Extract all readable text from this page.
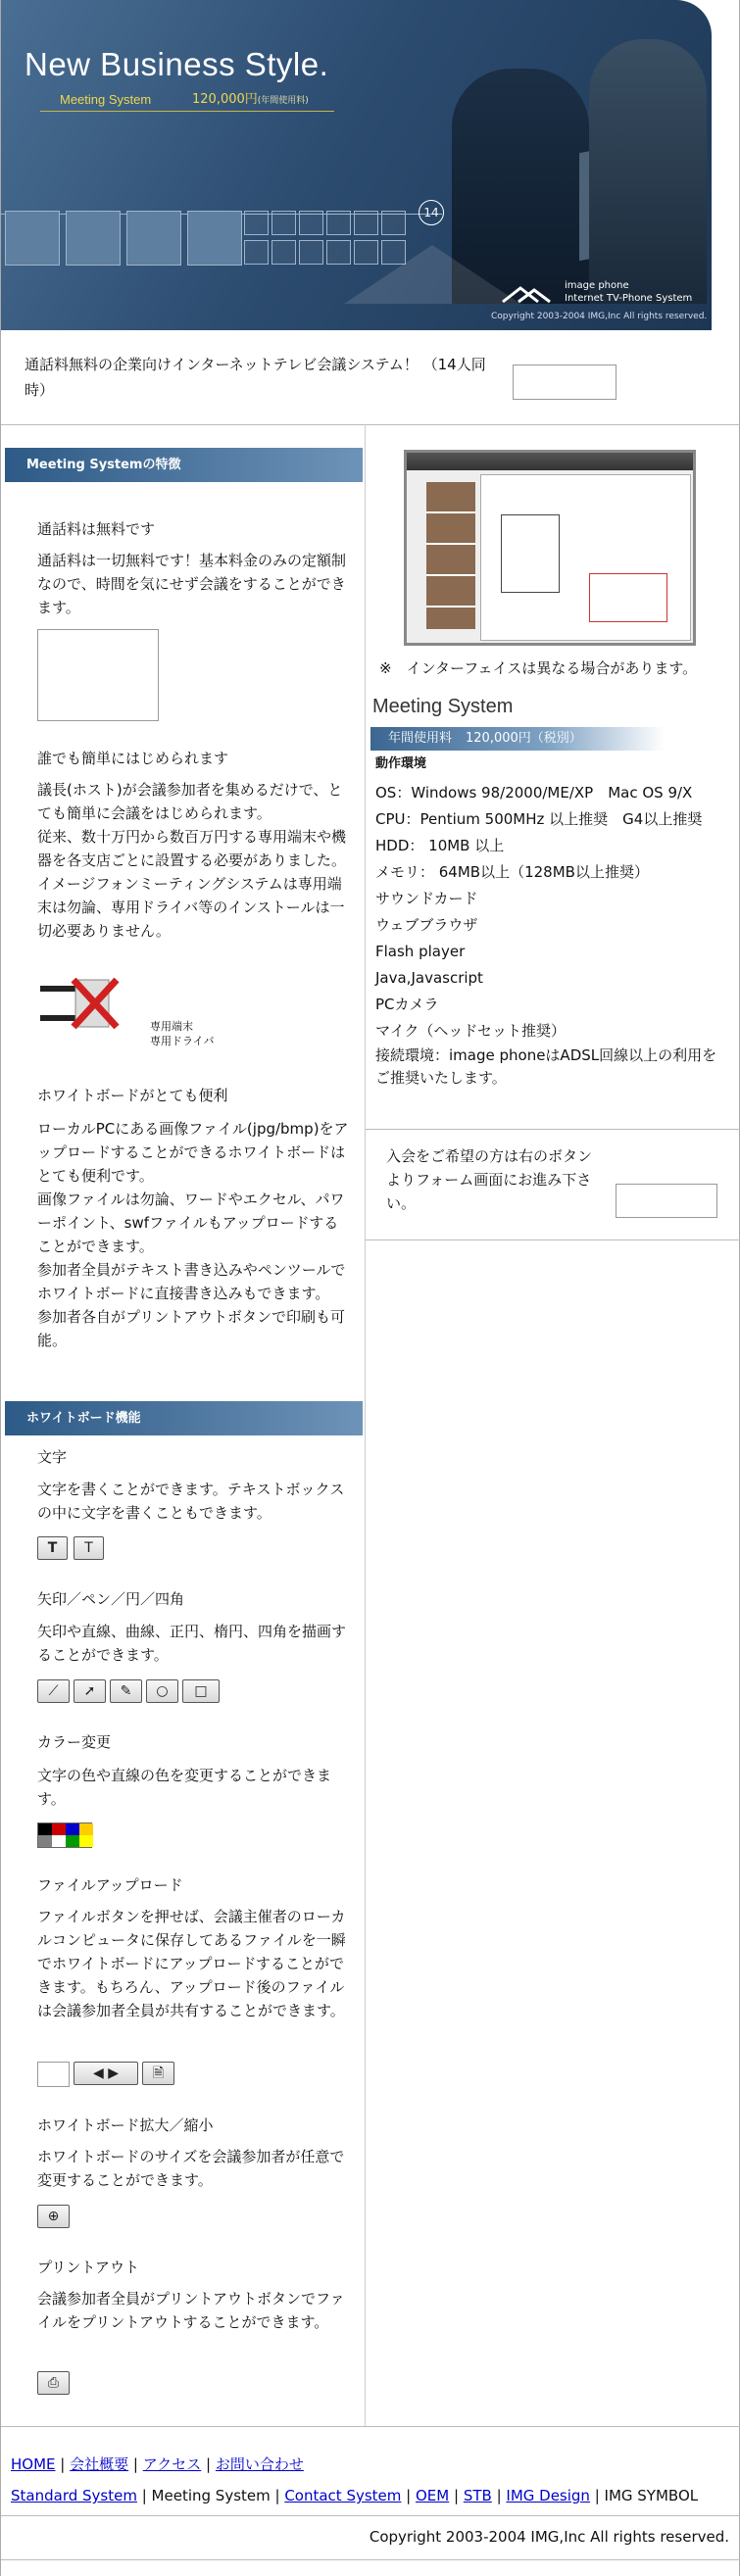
New Business Style.
Meeting System	120,000円(年間使用料)
14
image phone
Internet TV-Phone System
Copyright 2003-2004 IMG,Inc All rights reserved.
通話料無料の企業向けインターネットテレビ会議システム！ （14人同時）
Meeting Systemの特徴
通話料は無料です
通話料は一切無料です！基本料金のみの定額制なので、時間を気にせず会議をすることができます。
誰でも簡単にはじめられます
議長(ホスト)が会議参加者を集めるだけで、とても簡単に会議をはじめられます。
従来、数十万円から数百万円する専用端末や機器を各支店ごとに設置する必要がありました。
イメージフォンミーティングシステムは専用端末は勿論、専用ドライバ等のインストールは一切必要ありません。
専用端末
専用ドライバ
ホワイトボードがとても便利
ローカルPCにある画像ファイル(jpg/bmp)をアップロードすることができるホワイトボードはとても便利です。
画像ファイルは勿論、ワードやエクセル、パワーポイント、swfファイルもアップロードすることができます。
参加者全員がテキスト書き込みやペンツールでホワイトボードに直接書き込みもできます。
参加者各自がプリントアウトボタンで印刷も可能。
ホワイトボード機能
文字
文字を書くことができます。テキストボックスの中に文字を書くこともできます。
T	T
矢印／ペン／円／四角
矢印や直線、曲線、正円、楕円、四角を描画することができます。
⟋	➚	✎	○	□
カラー変更
文字の色や直線の色を変更することができます。
ファイルアップロード
ファイルボタンを押せば、会議主催者のローカルコンピュータに保存してあるファイルを一瞬でホワイトボードにアップロードすることができます。もちろん、アップロード後のファイルは会議参加者全員が共有することができます。
◀ ▶	🗎
ホワイトボード拡大／縮小
ホワイトボードのサイズを会議参加者が任意で変更することができます。
⊕
プリントアウト
会議参加者全員がプリントアウトボタンでファイルをプリントアウトすることができます。
⎙
※　インターフェイスは異なる場合があります。
Meeting System
年間使用料 120,000円（税別）
動作環境
OS：Windows 98/2000/ME/XP　Mac OS 9/X
CPU：Pentium 500MHz 以上推奨　G4以上推奨
HDD： 10MB 以上
メモリ： 64MB以上（128MB以上推奨）
サウンドカード
ウェブブラウザ
Flash player
Java,Javascript
PCカメラ
マイク（ヘッドセット推奨）
接続環境：image phoneはADSL回線以上の利用をご推奨いたします。
入会をご希望の方は右のボタンよりフォーム画面にお進み下さい。
HOME | 会社概要 | アクセス | お問い合わせ
Standard System | Meeting System | Contact System | OEM | STB | IMG Design | IMG SYMBOL
Copyright 2003-2004 IMG,Inc All rights reserved.
